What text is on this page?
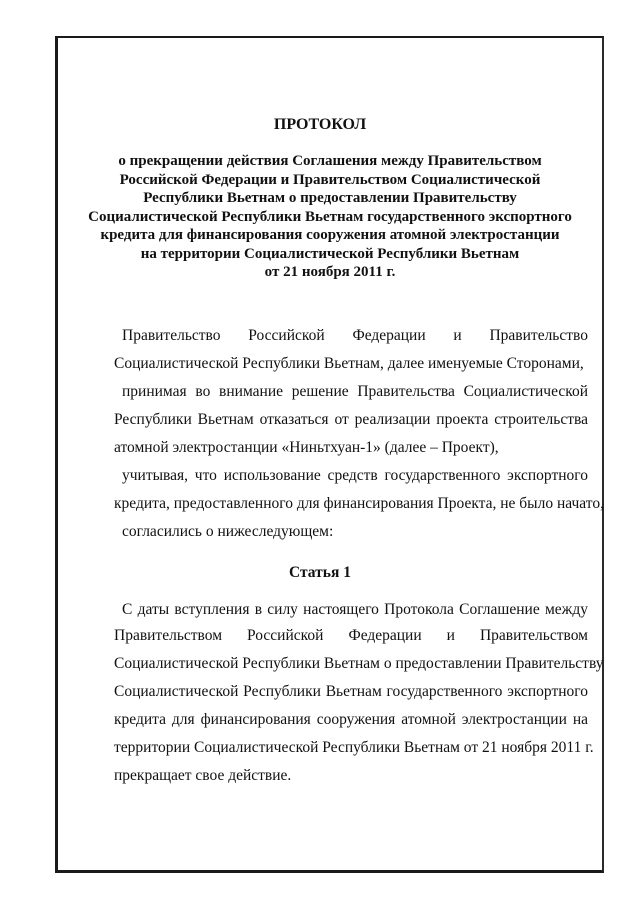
ПРОТОКОЛ
о прекращении действия Соглашения между Правительством
Российской Федерации и Правительством Социалистической
Республики Вьетнам о предоставлении Правительству
Социалистической Республики Вьетнам государственного экспортного
кредита для финансирования сооружения атомной электростанции
на территории Социалистической Республики Вьетнам
от 21 ноября 2011 г.
Правительство Российской Федерации и Правительство
Социалистической Республики Вьетнам, далее именуемые Сторонами,
принимая во внимание решение Правительства Социалистической
Республики Вьетнам отказаться от реализации проекта строительства
атомной электростанции «Ниньтхуан-1» (далее – Проект),
учитывая, что использование средств государственного экспортного
кредита, предоставленного для финансирования Проекта, не было начато,
согласились о нижеследующем:
Статья 1
С даты вступления в силу настоящего Протокола Соглашение между
Правительством Российской Федерации и Правительством
Социалистической Республики Вьетнам о предоставлении Правительству
Социалистической Республики Вьетнам государственного экспортного
кредита для финансирования сооружения атомной электростанции на
территории Социалистической Республики Вьетнам от 21 ноября 2011 г.
прекращает свое действие.
